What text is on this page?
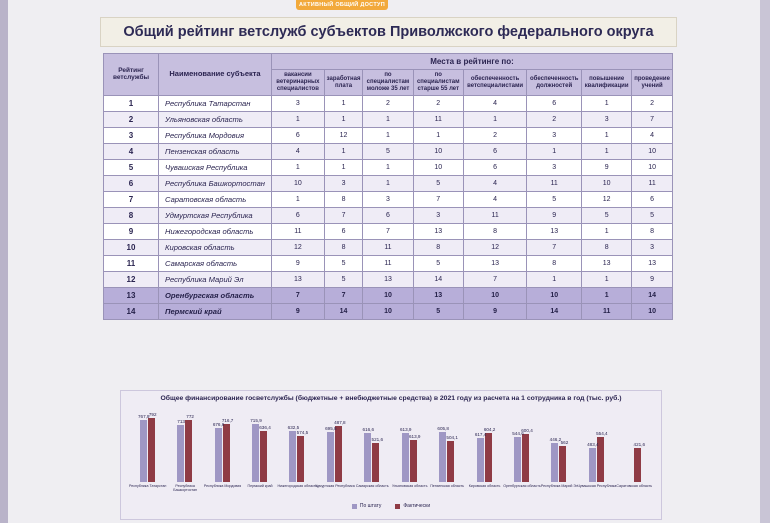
АКТИВНЫЙ ОБЩИЙ ДОСТУП
Общий рейтинг ветслужб субъектов Приволжского федерального округа
Рейтинг ветслужбы	Наименование субъекта	Места в рейтинге по:							
		вакансии ветеринарных специалистов	заработная плата	по специалистам моложе 35 лет	по специалистам старше 55 лет	обеспеченность ветспециалистами	обеспеченность должностей	повышение квалификации	проведение учений
1	Республика Татарстан	3	1	2	2	4	6	1	2
2	Ульяновская область	1	1	1	11	1	2	3	7
3	Республика Мордовия	6	12	1	1	2	3	1	4
4	Пензенская область	4	1	5	10	6	1	1	10
5	Чувашская Республика	1	1	1	10	6	3	9	10
6	Республика Башкортостан	10	3	1	5	4	11	10	11
7	Саратовская область	1	8	3	7	4	5	12	6
8	Удмуртская Республика	6	7	6	3	11	9	5	5
9	Нижегородская область	11	6	7	13	8	13	1	8
10	Кировская область	12	8	11	8	12	7	8	3
11	Самарская область	9	5	11	5	13	8	13	13
12	Республика Марий Эл	13	5	13	14	7	1	1	9
13	Оренбургская область	7	7	10	13	10	10	1	14
14	Пермский край	9	14	10	5	9	14	11	10
Общее финансирование госветслужбы (бюджетные + внебюджетные средства) в 2021 году из расчета на 1 сотрудника в год (тыс. руб.)
767,9 792
713
772
676,6
716,7	715,9
636,4	632,5
574,5
695,8
487,8
616,6
521,6
613,9
613,9
605,8
504,1
617,4
604,2
544,6
600,4
446,2
562	483,4
554,4
421,6
Республика Татарстан	Республика Башкортостан
Республика Мордовия	Пермский край	Нижегородская область
Удмуртская Республика Самарская область Ульяновская область Пензенская область	Кировская область Оренбургская область Республика Марий Эл Чувашская Республика Саратовская область
По штату	Фактически
